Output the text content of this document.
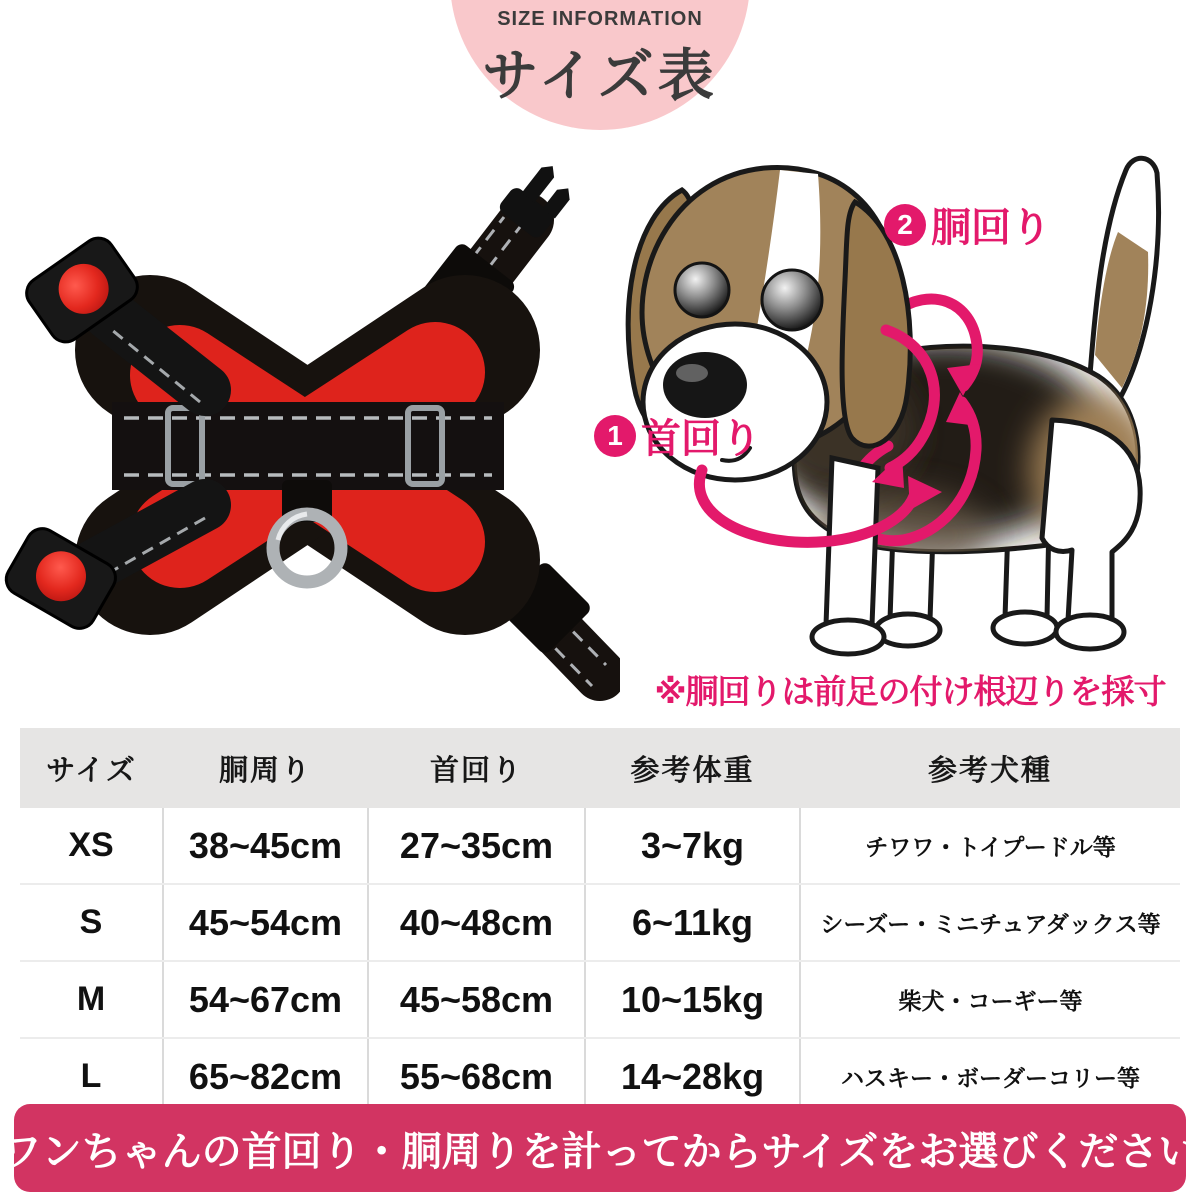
SIZE INFORMATION
サイズ表
2 胴回り
1 首回り
※胴回りは前足の付け根辺りを採寸
サイズ	胴周り	首回り	参考体重	参考犬種
XS	38~45cm	27~35cm	3~7kg	チワワ・トイプードル等
S	45~54cm	40~48cm	6~11kg	シーズー・ミニチュアダックス等
M	54~67cm	45~58cm	10~15kg	柴犬・コーギー等
L	65~82cm	55~68cm	14~28kg	ハスキー・ボーダーコリー等
ワンちゃんの首回り・胴周りを計ってからサイズをお選びください
